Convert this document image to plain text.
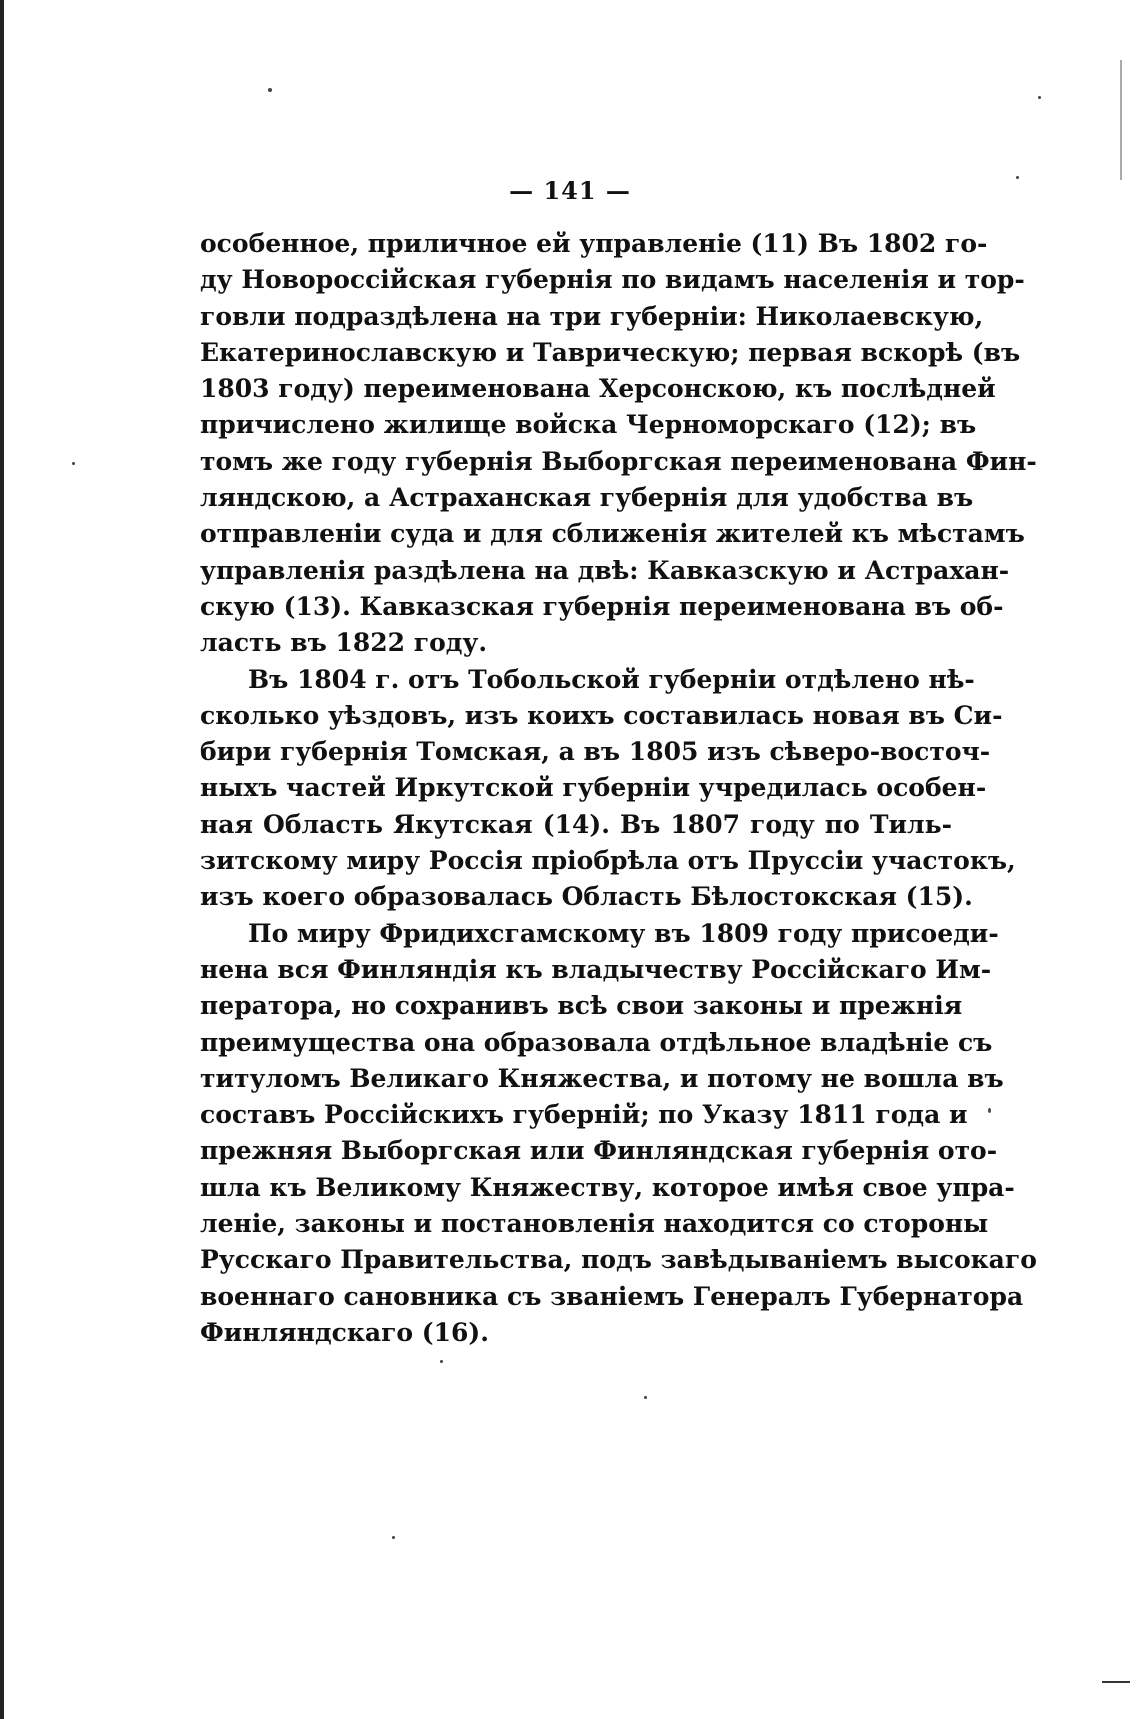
— 141 —
особенное, приличное ей управленіе (11) Въ 1802 го-
ду Новороссійская губернія по видамъ населенія и тор-
говли подраздѣлена на три губерніи: Николаевскую,
Екатеринославскую и Таврическую; первая вскорѣ (въ
1803 году) переименована Херсонскою, къ послѣдней
причислено жилище войска Черноморскаго (12); въ
томъ же году губернія Выборгская переименована Фин-
ляндскою, а Астраханская губернія для удобства въ
отправленіи суда и для сближенія жителей къ мѣстамъ
управленія раздѣлена на двѣ: Кавказскую и Астрахан-
скую (13). Кавказская губернія переименована въ об-
ласть въ 1822 году.
Въ 1804 г. отъ Тобольской губерніи отдѣлено нѣ-
сколько уѣздовъ, изъ коихъ составилась новая въ Си-
бири губернія Томская, а въ 1805 изъ сѣверо-восточ-
ныхъ частей Иркутской губерніи учредилась особен-
ная Область Якутская (14). Въ 1807 году по Тиль-
зитскому миру Россія пріобрѣла отъ Пруссіи участокъ,
изъ коего образовалась Область Бѣлостокская (15).
По миру Фридихсгамскому въ 1809 году присоеди-
нена вся Финляндія къ владычеству Россійскаго Им-
ператора, но сохранивъ всѣ свои законы и прежнія
преимущества она образовала отдѣльное владѣніе съ
титуломъ Великаго Княжества, и потому не вошла въ
составъ Россійскихъ губерній; по Указу 1811 года и
прежняя Выборгская или Финляндская губернія ото-
шла къ Великому Княжеству, которое имѣя свое упра-
леніе, законы и постановленія находится со стороны
Русскаго Правительства, подъ завѣдываніемъ высокаго
военнаго сановника съ званіемъ Генералъ Губернатора
Финляндскаго (16).
